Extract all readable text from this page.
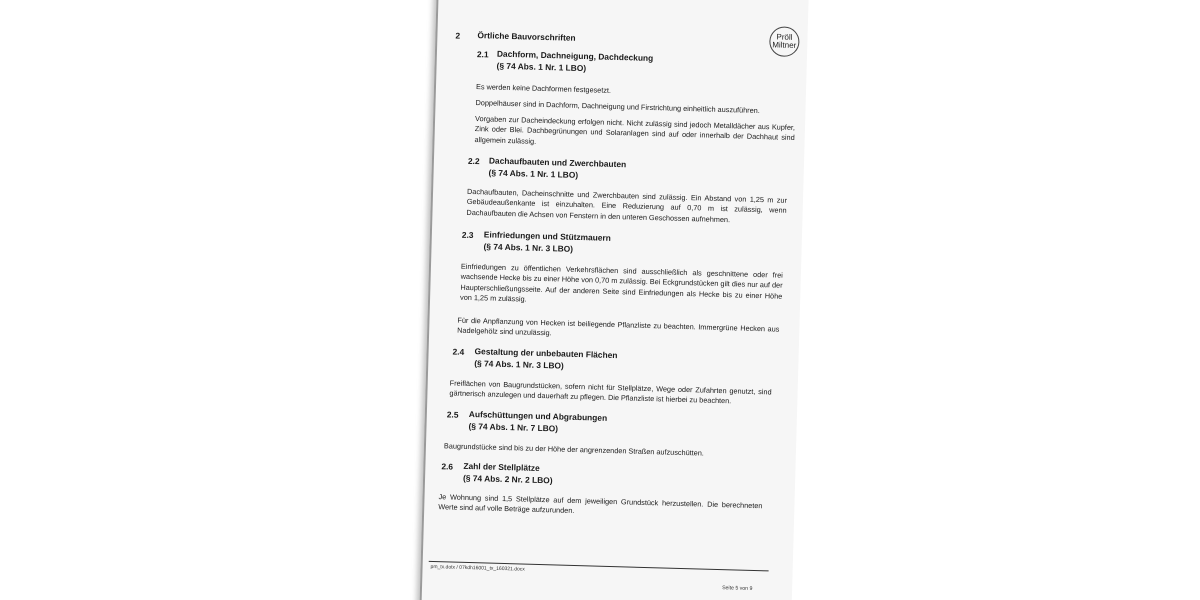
Pröll
Miltner
2 Örtliche Bauvorschriften
2.1 Dachform, Dachneigung, Dachdeckung
(§ 74 Abs. 1 Nr. 1 LBO)
Es werden keine Dachformen festgesetzt.
Doppelhäuser sind in Dachform, Dachneigung und Firstrichtung einheitlich auszuführen.
Vorgaben zur Dacheindeckung erfolgen nicht. Nicht zulässig sind jedoch Metalldächer aus Kupfer, Zink oder Blei. Dachbegrünungen und Solaranlagen sind auf oder innerhalb der Dachhaut sind allgemein zulässig.
2.2 Dachaufbauten und Zwerchbauten
(§ 74 Abs. 1 Nr. 1 LBO)
Dachaufbauten, Dacheinschnitte und Zwerchbauten sind zulässig. Ein Abstand von 1,25 m zur Gebäudeaußenkante ist einzuhalten. Eine Reduzierung auf 0,70 m ist zulässig, wenn Dachaufbauten die Achsen von Fenstern in den unteren Geschossen aufnehmen.
2.3 Einfriedungen und Stützmauern
(§ 74 Abs. 1 Nr. 3 LBO)
Einfriedungen zu öffentlichen Verkehrsflächen sind ausschließlich als geschnittene oder frei wachsende Hecke bis zu einer Höhe von 0,70 m zulässig. Bei Eckgrundstücken gilt dies nur auf der Haupterschließungsseite. Auf der anderen Seite sind Einfriedungen als Hecke bis zu einer Höhe von 1,25 m zulässig.
Für die Anpflanzung von Hecken ist beiliegende Pflanzliste zu beachten. Immergrüne Hecken aus Nadelgehölz sind unzulässig.
2.4 Gestaltung der unbebauten Flächen
(§ 74 Abs. 1 Nr. 3 LBO)
Freiflächen von Baugrundstücken, sofern nicht für Stellplätze, Wege oder Zufahrten genutzt, sind gärtnerisch anzulegen und dauerhaft zu pflegen. Die Pflanzliste ist hierbei zu beachten.
2.5 Aufschüttungen und Abgrabungen
(§ 74 Abs. 1 Nr. 7 LBO)
Baugrundstücke sind bis zu der Höhe der angrenzenden Straßen aufzuschütten.
2.6 Zahl der Stellplätze
(§ 74 Abs. 2 Nr. 2 LBO)
Je Wohnung sind 1,5 Stellplätze auf dem jeweiligen Grundstück herzustellen. Die berechneten Werte sind auf volle Beträge aufzurunden.
pm_tx.dotx / 07kdh16001_tx_160321.docx
Seite 5 von 9
